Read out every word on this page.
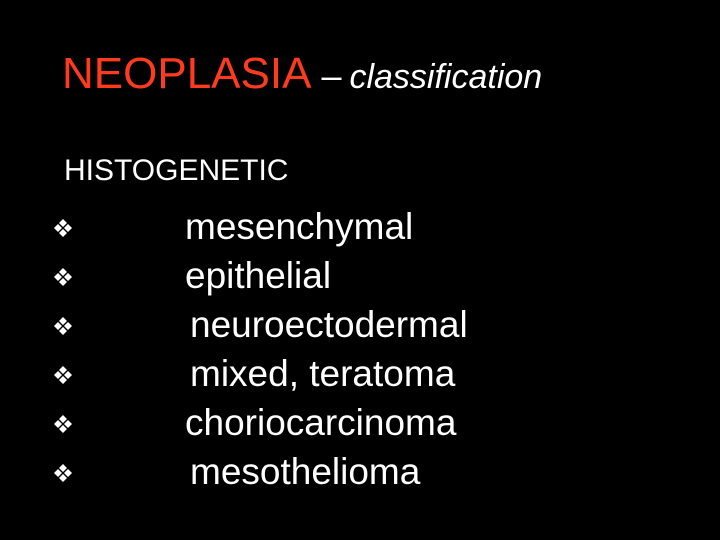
NEOPLASIA – classification
HISTOGENETIC
mesenchymal
epithelial
neuroectodermal
mixed, teratoma
choriocarcinoma
mesothelioma
